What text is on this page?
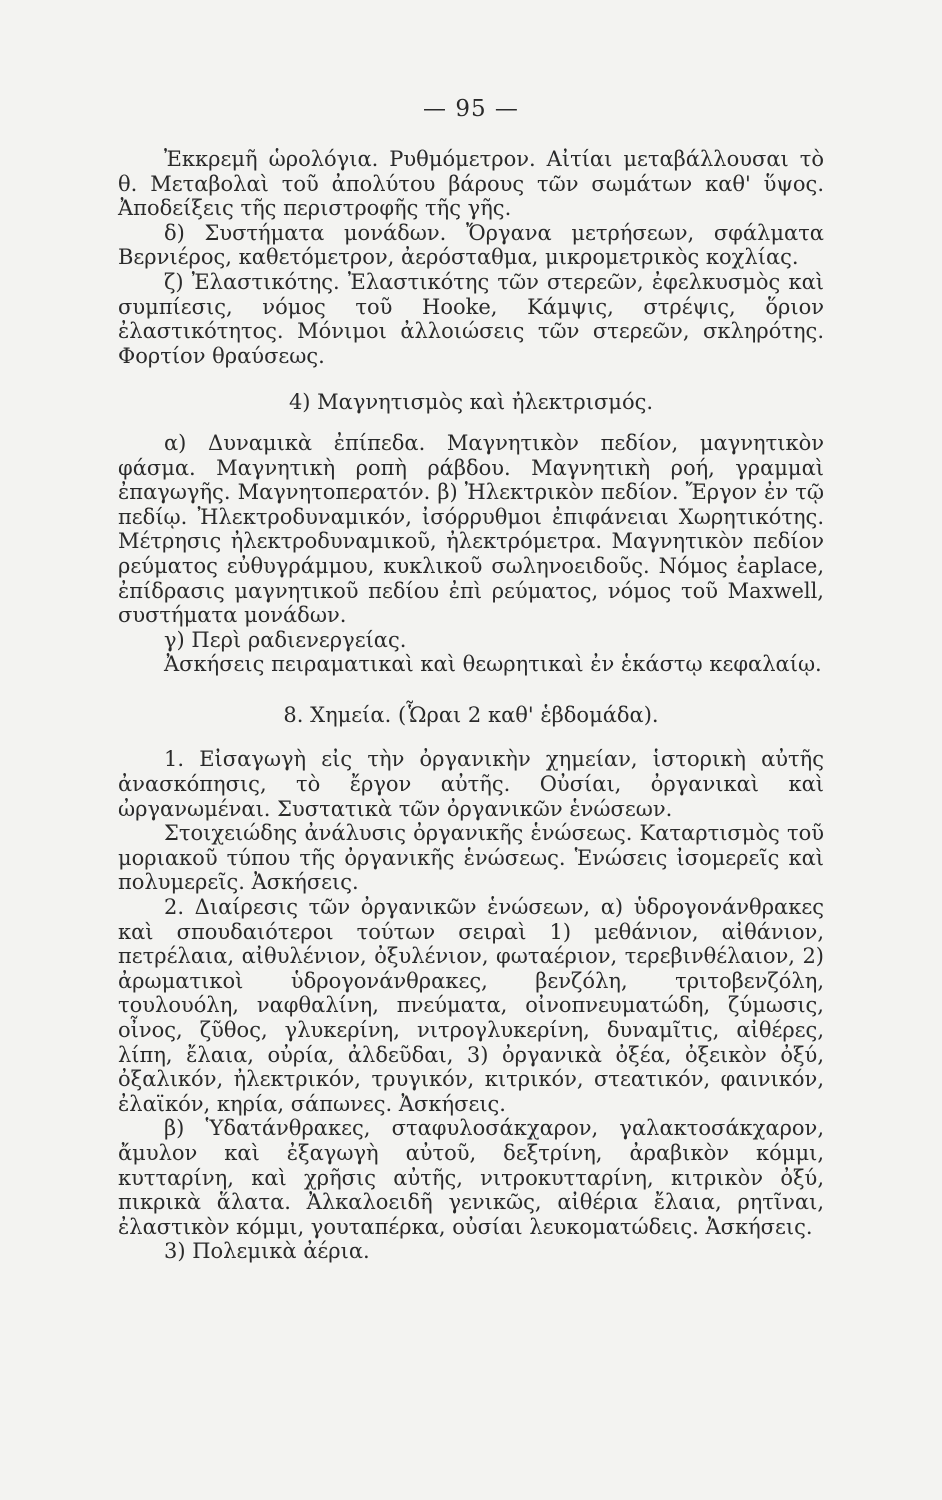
— 95 —

Ἐκκρεμῆ ὡρολόγια. Ρυθμόμετρον. Αἰτίαι μεταβάλλουσαι τὸ θ. Μεταβολαὶ τοῦ ἀπολύτου βάρους τῶν σωμάτων καθ' ὕψος. Ἀποδείξεις τῆς περιστροφῆς τῆς γῆς.

δ) Συστήματα μονάδων. Ὄργανα μετρήσεων, σφάλματα Βερνιέρος, καθετόμετρον, ἀερόσταθμα, μικρομετρικὸς κοχλίας.

ζ) Ἐλαστικότης. Ἐλαστικότης τῶν στερεῶν, ἐφελκυσμὸς καὶ συμπίεσις, νόμος τοῦ Hooke, Κάμψις, στρέψις, ὅριον ἐλαστικότητος. Μόνιμοι ἀλλοιώσεις τῶν στερεῶν, σκληρότης. Φορτίον θραύσεως.

4) Μαγνητισμὸς καὶ ἠλεκτρισμός.

α) Δυναμικὰ ἐπίπεδα. Μαγνητικὸν πεδίον, μαγνητικὸν φάσμα. Μαγνητικὴ ροπὴ ράβδου. Μαγνητικὴ ροή, γραμμαὶ ἐπαγωγῆς. Μαγνητοπερατόν. β) Ἠλεκτρικὸν πεδίον. Ἔργον ἐν τῷ πεδίῳ. Ἠλεκτροδυναμικόν, ἰσόρρυθμοι ἐπιφάνειαι Χωρητικότης. Μέτρησις ἠλεκτροδυναμικοῦ, ἠλεκτρόμετρα. Μαγνητικὸν πεδίον ρεύματος εὐθυγράμμου, κυκλικοῦ σωληνοειδοῦς. Νόμος ἐaplace, ἐπίδρασις μαγνητικοῦ πεδίου ἐπὶ ρεύματος, νόμος τοῦ Maxwell, συστήματα μονάδων.

γ) Περὶ ραδιενεργείας.

Ἀσκήσεις πειραματικαὶ καὶ θεωρητικαὶ ἐν ἑκάστῳ κεφαλαίῳ.

8. Χημεία. (Ὧραι 2 καθ' ἑβδομάδα).

1. Εἰσαγωγὴ εἰς τὴν ὀργανικὴν χημείαν, ἱστορικὴ αὐτῆς ἀνασκόπησις, τὸ ἔργον αὐτῆς. Οὐσίαι, ὀργανικαὶ καὶ ὠργανωμέναι. Συστατικὰ τῶν ὀργανικῶν ἑνώσεων.

Στοιχειώδης ἀνάλυσις ὀργανικῆς ἑνώσεως. Καταρτισμὸς τοῦ μοριακοῦ τύπου τῆς ὀργανικῆς ἑνώσεως. Ἑνώσεις ἰσομερεῖς καὶ πολυμερεῖς. Ἀσκήσεις.

2. Διαίρεσις τῶν ὀργανικῶν ἑνώσεων, α) ὑδρογονάνθρακες καὶ σπουδαιότεροι τούτων σειραὶ 1) μεθάνιον, αἰθάνιον, πετρέλαια, αἰθυλένιον, ὀξυλένιον, φωταέριον, τερεβινθέλαιον, 2) ἀρωματικοὶ ὑδρογονάνθρακες, βενζόλη, τριτοβενζόλη, τουλουόλη, ναφθαλίνη, πνεύματα, οἰνοπνευματώδη, ζύμωσις, οἶνος, ζῦθος, γλυκερίνη, νιτρογλυκερίνη, δυναμῖτις, αἰθέρες, λίπη, ἔλαια, οὐρία, ἀλδεῦδαι, 3) ὀργανικὰ ὀξέα, ὀξεικὸν ὀξύ, ὀξαλικόν, ἠλεκτρικόν, τρυγικόν, κιτρικόν, στεατικόν, φαινικόν, ἐλαϊκόν, κηρία, σάπωνες. Ἀσκήσεις.

β) Ὑδατάνθρακες, σταφυλοσάκχαρον, γαλακτοσάκχαρον, ἄμυλον καὶ ἐξαγωγὴ αὐτοῦ, δεξτρίνη, ἀραβικὸν κόμμι, κυτταρίνη, καὶ χρῆσις αὐτῆς, νιτροκυτταρίνη, κιτρικὸν ὀξύ, πικρικὰ ἅλατα. Ἀλκαλοειδῆ γενικῶς, αἰθέρια ἔλαια, ρητῖναι, ἐλαστικὸν κόμμι, γουταπέρκα, οὐσίαι λευκοματώδεις. Ἀσκήσεις.

3) Πολεμικὰ ἀέρια.
